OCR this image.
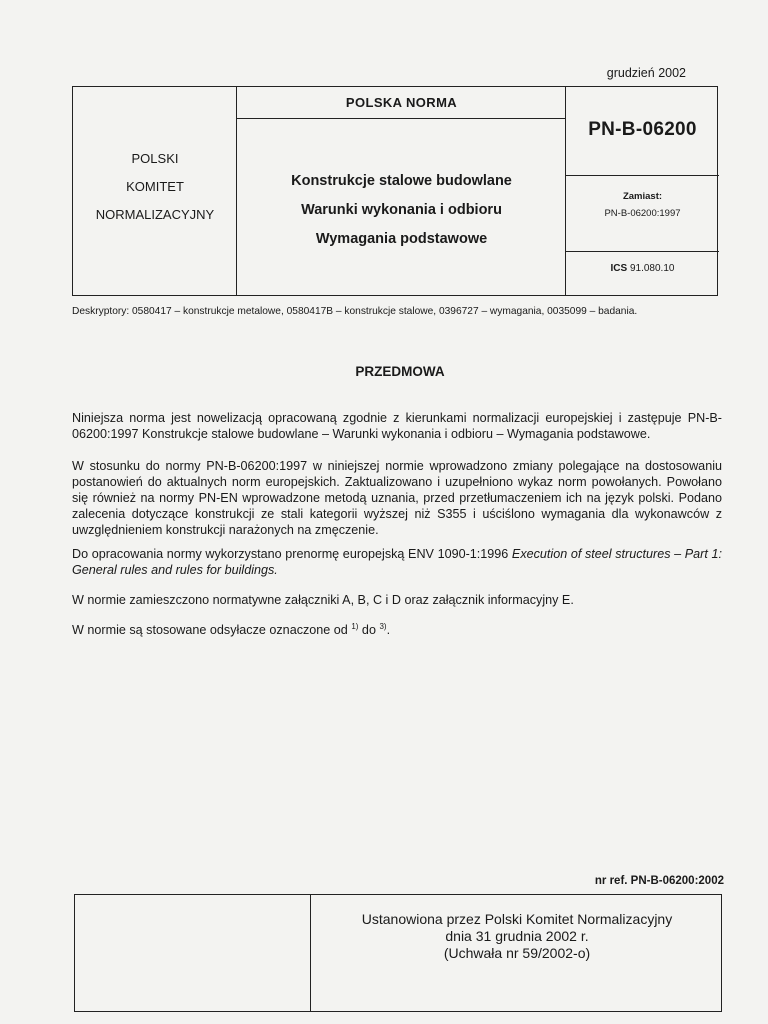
grudzień 2002
POLSKI
KOMITET
NORMALIZACYJNY
POLSKA NORMA
Konstrukcje stalowe budowlane
Warunki wykonania i odbioru
Wymagania podstawowe
PN-B-06200
Zamiast:
PN-B-06200:1997
ICS 91.080.10
Deskryptory: 0580417 – konstrukcje metalowe, 0580417B – konstrukcje stalowe, 0396727 – wymagania, 0035099 – badania.
PRZEDMOWA
Niniejsza norma jest nowelizacją opracowaną zgodnie z kierunkami normalizacji europejskiej i zastępuje PN-B-06200:1997 Konstrukcje stalowe budowlane – Warunki wykonania i odbioru – Wymagania podstawowe.
W stosunku do normy PN-B-06200:1997 w niniejszej normie wprowadzono zmiany polegające na dostosowaniu postanowień do aktualnych norm europejskich. Zaktualizowano i uzupełniono wykaz norm powołanych. Powołano się również na normy PN-EN wprowadzone metodą uznania, przed przetłumaczeniem ich na język polski. Podano zalecenia dotyczące konstrukcji ze stali kategorii wyższej niż S355 i uściślono wymagania dla wykonawców z uwzględnieniem konstrukcji narażonych na zmęczenie.
Do opracowania normy wykorzystano prenormę europejską ENV 1090-1:1996 Execution of steel structures – Part 1: General rules and rules for buildings.
W normie zamieszczono normatywne załączniki A, B, C i D oraz załącznik informacyjny E.
W normie są stosowane odsyłacze oznaczone od $^{1)}$ do $^{3)}$.
nr ref. PN-B-06200:2002
Ustanowiona przez Polski Komitet Normalizacyjny
dnia 31 grudnia 2002 r.
(Uchwała nr 59/2002-o)
